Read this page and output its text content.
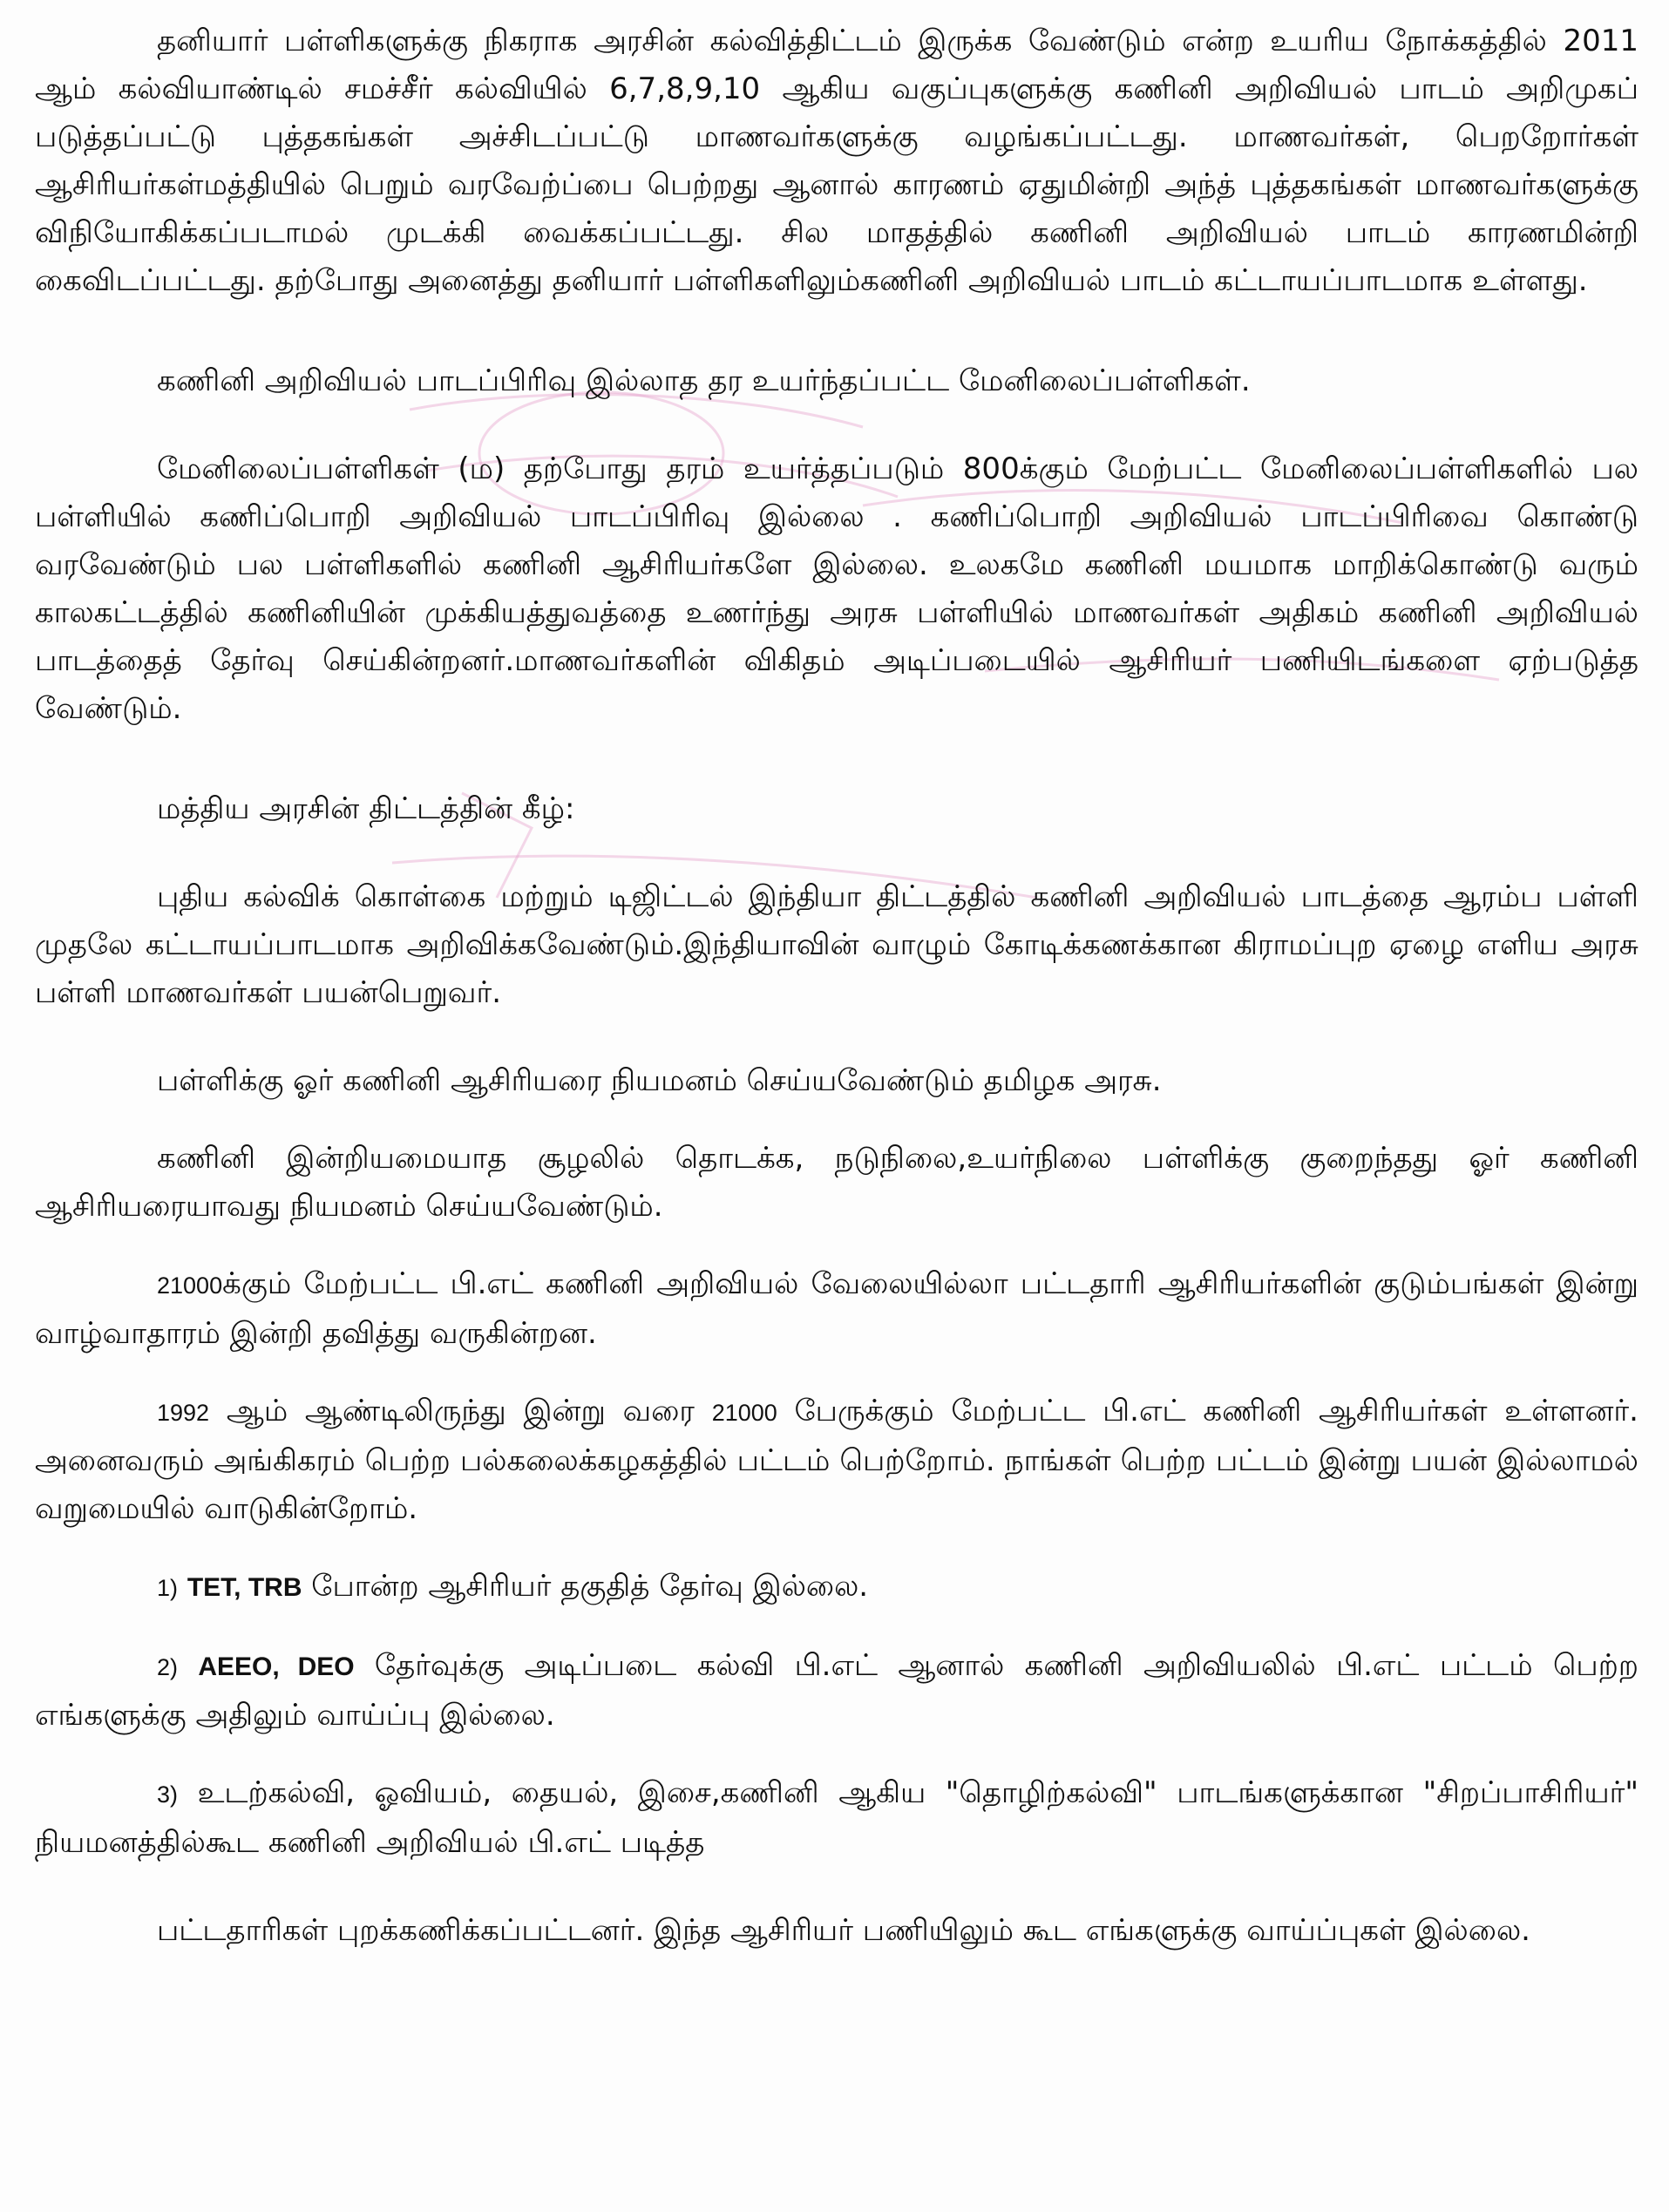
தனியார் பள்ளிகளுக்கு நிகராக அரசின் கல்வித்திட்டம் இருக்க வேண்டும் என்ற உயரிய நோக்கத்தில் 2011 ஆம் கல்வியாண்டில் சமச்சீர் கல்வியில் 6,7,8,9,10 ஆகிய வகுப்புகளுக்கு கணினி அறிவியல் பாடம் அறிமுகப் படுத்தப்பட்டு புத்தகங்கள் அச்சிடப்பட்டு மாணவர்களுக்கு வழங்கப்பட்டது. மாணவர்கள், பெறறோர்கள் ஆசிரியர்கள்மத்தியில் பெறும் வரவேற்ப்பை பெற்றது ஆனால் காரணம் ஏதுமின்றி அந்த் புத்தகங்கள் மாணவர்களுக்கு விநியோகிக்கப்படாமல் முடக்கி வைக்கப்பட்டது. சில மாதத்தில் கணினி அறிவியல் பாடம் காரணமின்றி கைவிடப்பட்டது. தற்போது அனைத்து தனியார் பள்ளிகளிலும்கணினி அறிவியல் பாடம் கட்டாயப்பாடமாக உள்ளது.

கணினி அறிவியல் பாடப்பிரிவு இல்லாத தர உயர்ந்தப்பட்ட மேனிலைப்பள்ளிகள்.

மேனிலைப்பள்ளிகள் (ம) தற்போது தரம் உயர்த்தப்படும் 800க்கும் மேற்பட்ட மேனிலைப்பள்ளிகளில் பல பள்ளியில் கணிப்பொறி அறிவியல் பாடப்பிரிவு இல்லை . கணிப்பொறி அறிவியல் பாடப்பிரிவை கொண்டு வரவேண்டும் பல பள்ளிகளில் கணினி ஆசிரியர்களே இல்லை. உலகமே கணினி மயமாக மாறிக்கொண்டு வரும் காலகட்டத்தில் கணினியின் முக்கியத்துவத்தை உணர்ந்து அரசு பள்ளியில் மாணவர்கள் அதிகம் கணினி அறிவியல் பாடத்தைத் தேர்வு செய்கின்றனர்.மாணவர்களின் விகிதம் அடிப்படையில் ஆசிரியர் பணியிடங்களை ஏற்படுத்த வேண்டும்.

மத்திய அரசின் திட்டத்தின் கீழ்:

புதிய கல்விக் கொள்கை மற்றும் டிஜிட்டல் இந்தியா திட்டத்தில் கணினி அறிவியல் பாடத்தை ஆரம்ப பள்ளி முதலே கட்டாயப்பாடமாக அறிவிக்கவேண்டும்.இந்தியாவின் வாழும் கோடிக்கணக்கான கிராமப்புற ஏழை எளிய அரசு பள்ளி மாணவர்கள் பயன்பெறுவர்.

பள்ளிக்கு ஓர் கணினி ஆசிரியரை நியமனம் செய்யவேண்டும் தமிழக அரசு.

கணினி இன்றியமையாத சூழலில் தொடக்க, நடுநிலை,உயர்நிலை பள்ளிக்கு குறைந்தது ஓர் கணினி ஆசிரியரையாவது நியமனம் செய்யவேண்டும்.

21000க்கும் மேற்பட்ட பி.எட் கணினி அறிவியல் வேலையில்லா பட்டதாரி ஆசிரியர்களின் குடும்பங்கள் இன்று வாழ்வாதாரம் இன்றி தவித்து வருகின்றன.

1992 ஆம் ஆண்டிலிருந்து இன்று வரை 21000 பேருக்கும் மேற்பட்ட பி.எட் கணினி ஆசிரியர்கள் உள்ளனர். அனைவரும் அங்கிகரம் பெற்ற பல்கலைக்கழகத்தில் பட்டம் பெற்றோம். நாங்கள் பெற்ற பட்டம் இன்று பயன் இல்லாமல் வறுமையில் வாடுகின்றோம்.

1) TET, TRB போன்ற ஆசிரியர் தகுதித் தேர்வு இல்லை.

2) AEEO, DEO தேர்வுக்கு அடிப்படை கல்வி பி.எட் ஆனால் கணினி அறிவியலில் பி.எட் பட்டம் பெற்ற எங்களுக்கு அதிலும் வாய்ப்பு இல்லை.

3) உடற்கல்வி, ஓவியம், தையல், இசை,கணினி ஆகிய "தொழிற்கல்வி" பாடங்களுக்கான "சிறப்பாசிரியர்" நியமனத்தில்கூட கணினி அறிவியல் பி.எட் படித்த

பட்டதாரிகள் புறக்கணிக்கப்பட்டனர். இந்த ஆசிரியர் பணியிலும் கூட எங்களுக்கு வாய்ப்புகள் இல்லை.
